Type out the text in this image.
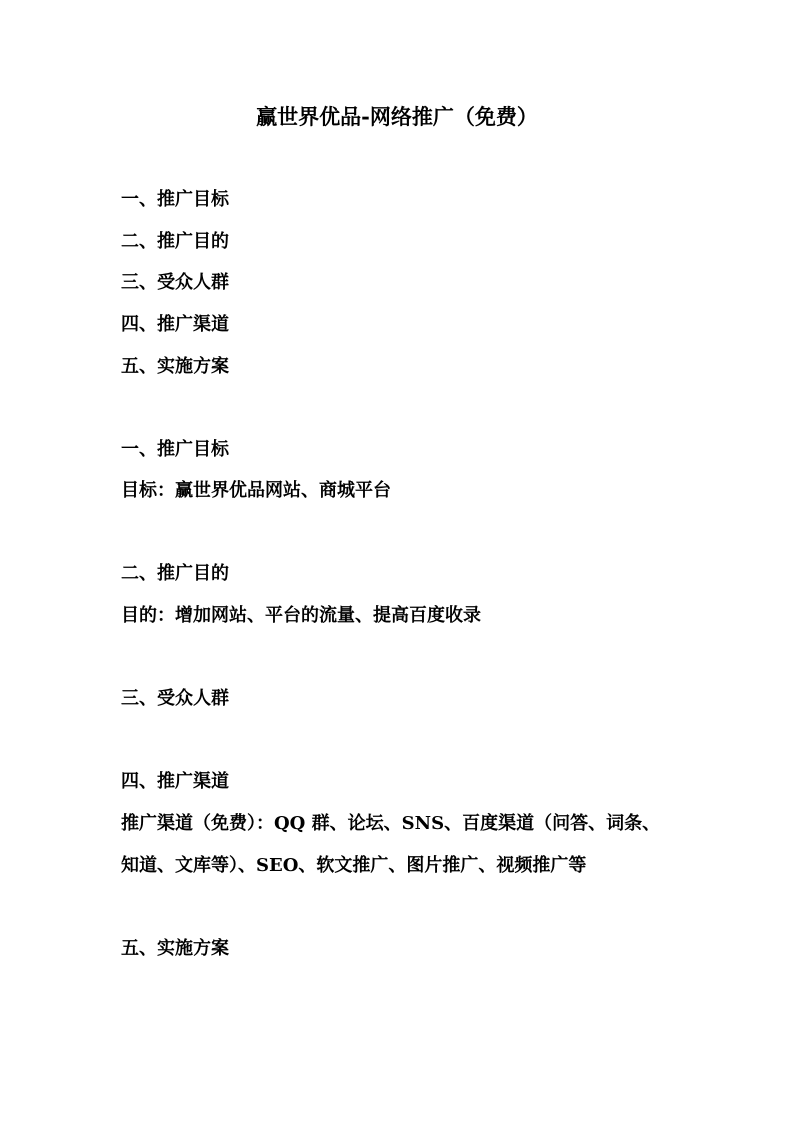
赢世界优品-网络推广（免费）
一、推广目标
二、推广目的
三、受众人群
四、推广渠道
五、实施方案
一、推广目标
目标：赢世界优品网站、商城平台
二、推广目的
目的：增加网站、平台的流量、提高百度收录
三、受众人群
四、推广渠道
推广渠道（免费）：QQ 群、论坛、SNS、百度渠道（问答、词条、
知道、文库等）、SEO、软文推广、图片推广、视频推广等
五、实施方案
